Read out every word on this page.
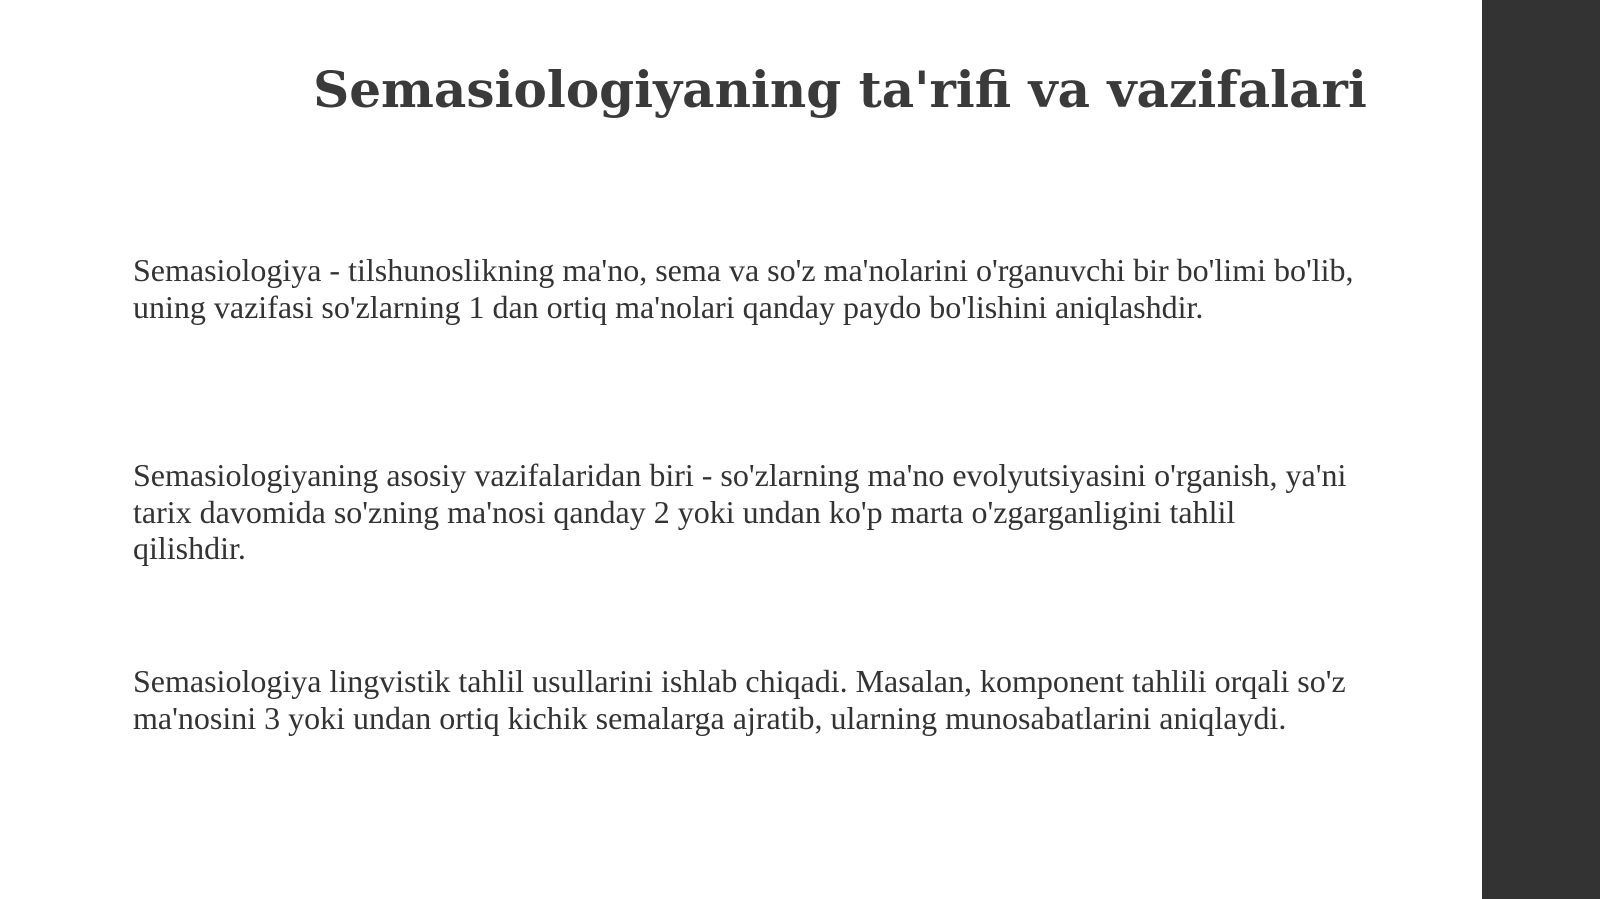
Semasiologiyaning ta'rifi va vazifalari

Semasiologiya - tilshunoslikning ma'no, sema va so'z ma'nolarini o'rganuvchi bir bo'limi bo'lib,
uning vazifasi so'zlarning 1 dan ortiq ma'nolari qanday paydo bo'lishini aniqlashdir.

Semasiologiyaning asosiy vazifalaridan biri - so'zlarning ma'no evolyutsiyasini o'rganish, ya'ni
tarix davomida so'zning ma'nosi qanday 2 yoki undan ko'p marta o'zgarganligini tahlil
qilishdir.

Semasiologiya lingvistik tahlil usullarini ishlab chiqadi. Masalan, komponent tahlili orqali so'z
ma'nosini 3 yoki undan ortiq kichik semalarga ajratib, ularning munosabatlarini aniqlaydi.
